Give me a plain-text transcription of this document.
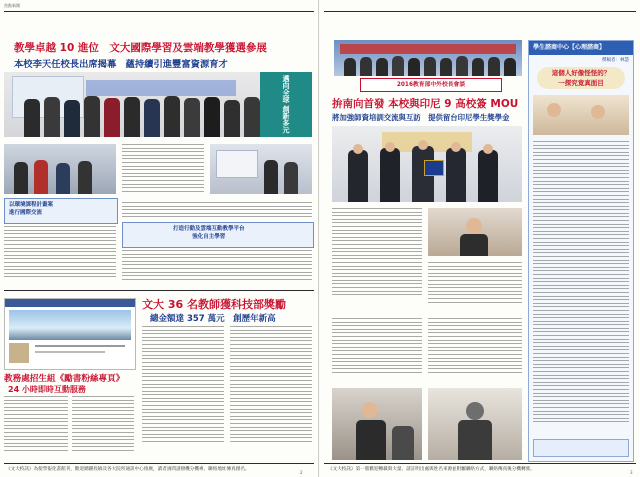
焦點新聞
教學卓越 10 進位　文大國際學習及雲端教學獲選參展
本校李天任校長出席揭幕　蘊持續引進豐富資源育才
邁向全球 創新多元
以環境課程計畫案
進行國際交流
打造行動及雲端互動教學平台
強化自主學習
文大 36 名教師獲科技部獎勵
總金額達 357 萬元　創歷年新高
教務處招生組《勵書粉絲專頁》
24 小時即時互動服務
《文大校訊》為使學報化書館刊，歡迎踴躍投稿及各大院所通訊中心推廣，讀者詢問請撥機分機專，聯絡地址傳真撥名。
2
2016教育部中外校長會談
拚南向首發 本校與印尼 9 高校簽 MOU
將加強師資培訓交流與互訪　提供留台印尼學生獎學金
學生諮商中心【心理諮商】
撰稿者：林慧
這個人好像怪怪的？
一探究竟真面目
《文大校訊》第一版歡迎轉載與大量，請註明出處與姓名來源並附屬聯絡方式，聯絡傳真後分機轉發。
3
